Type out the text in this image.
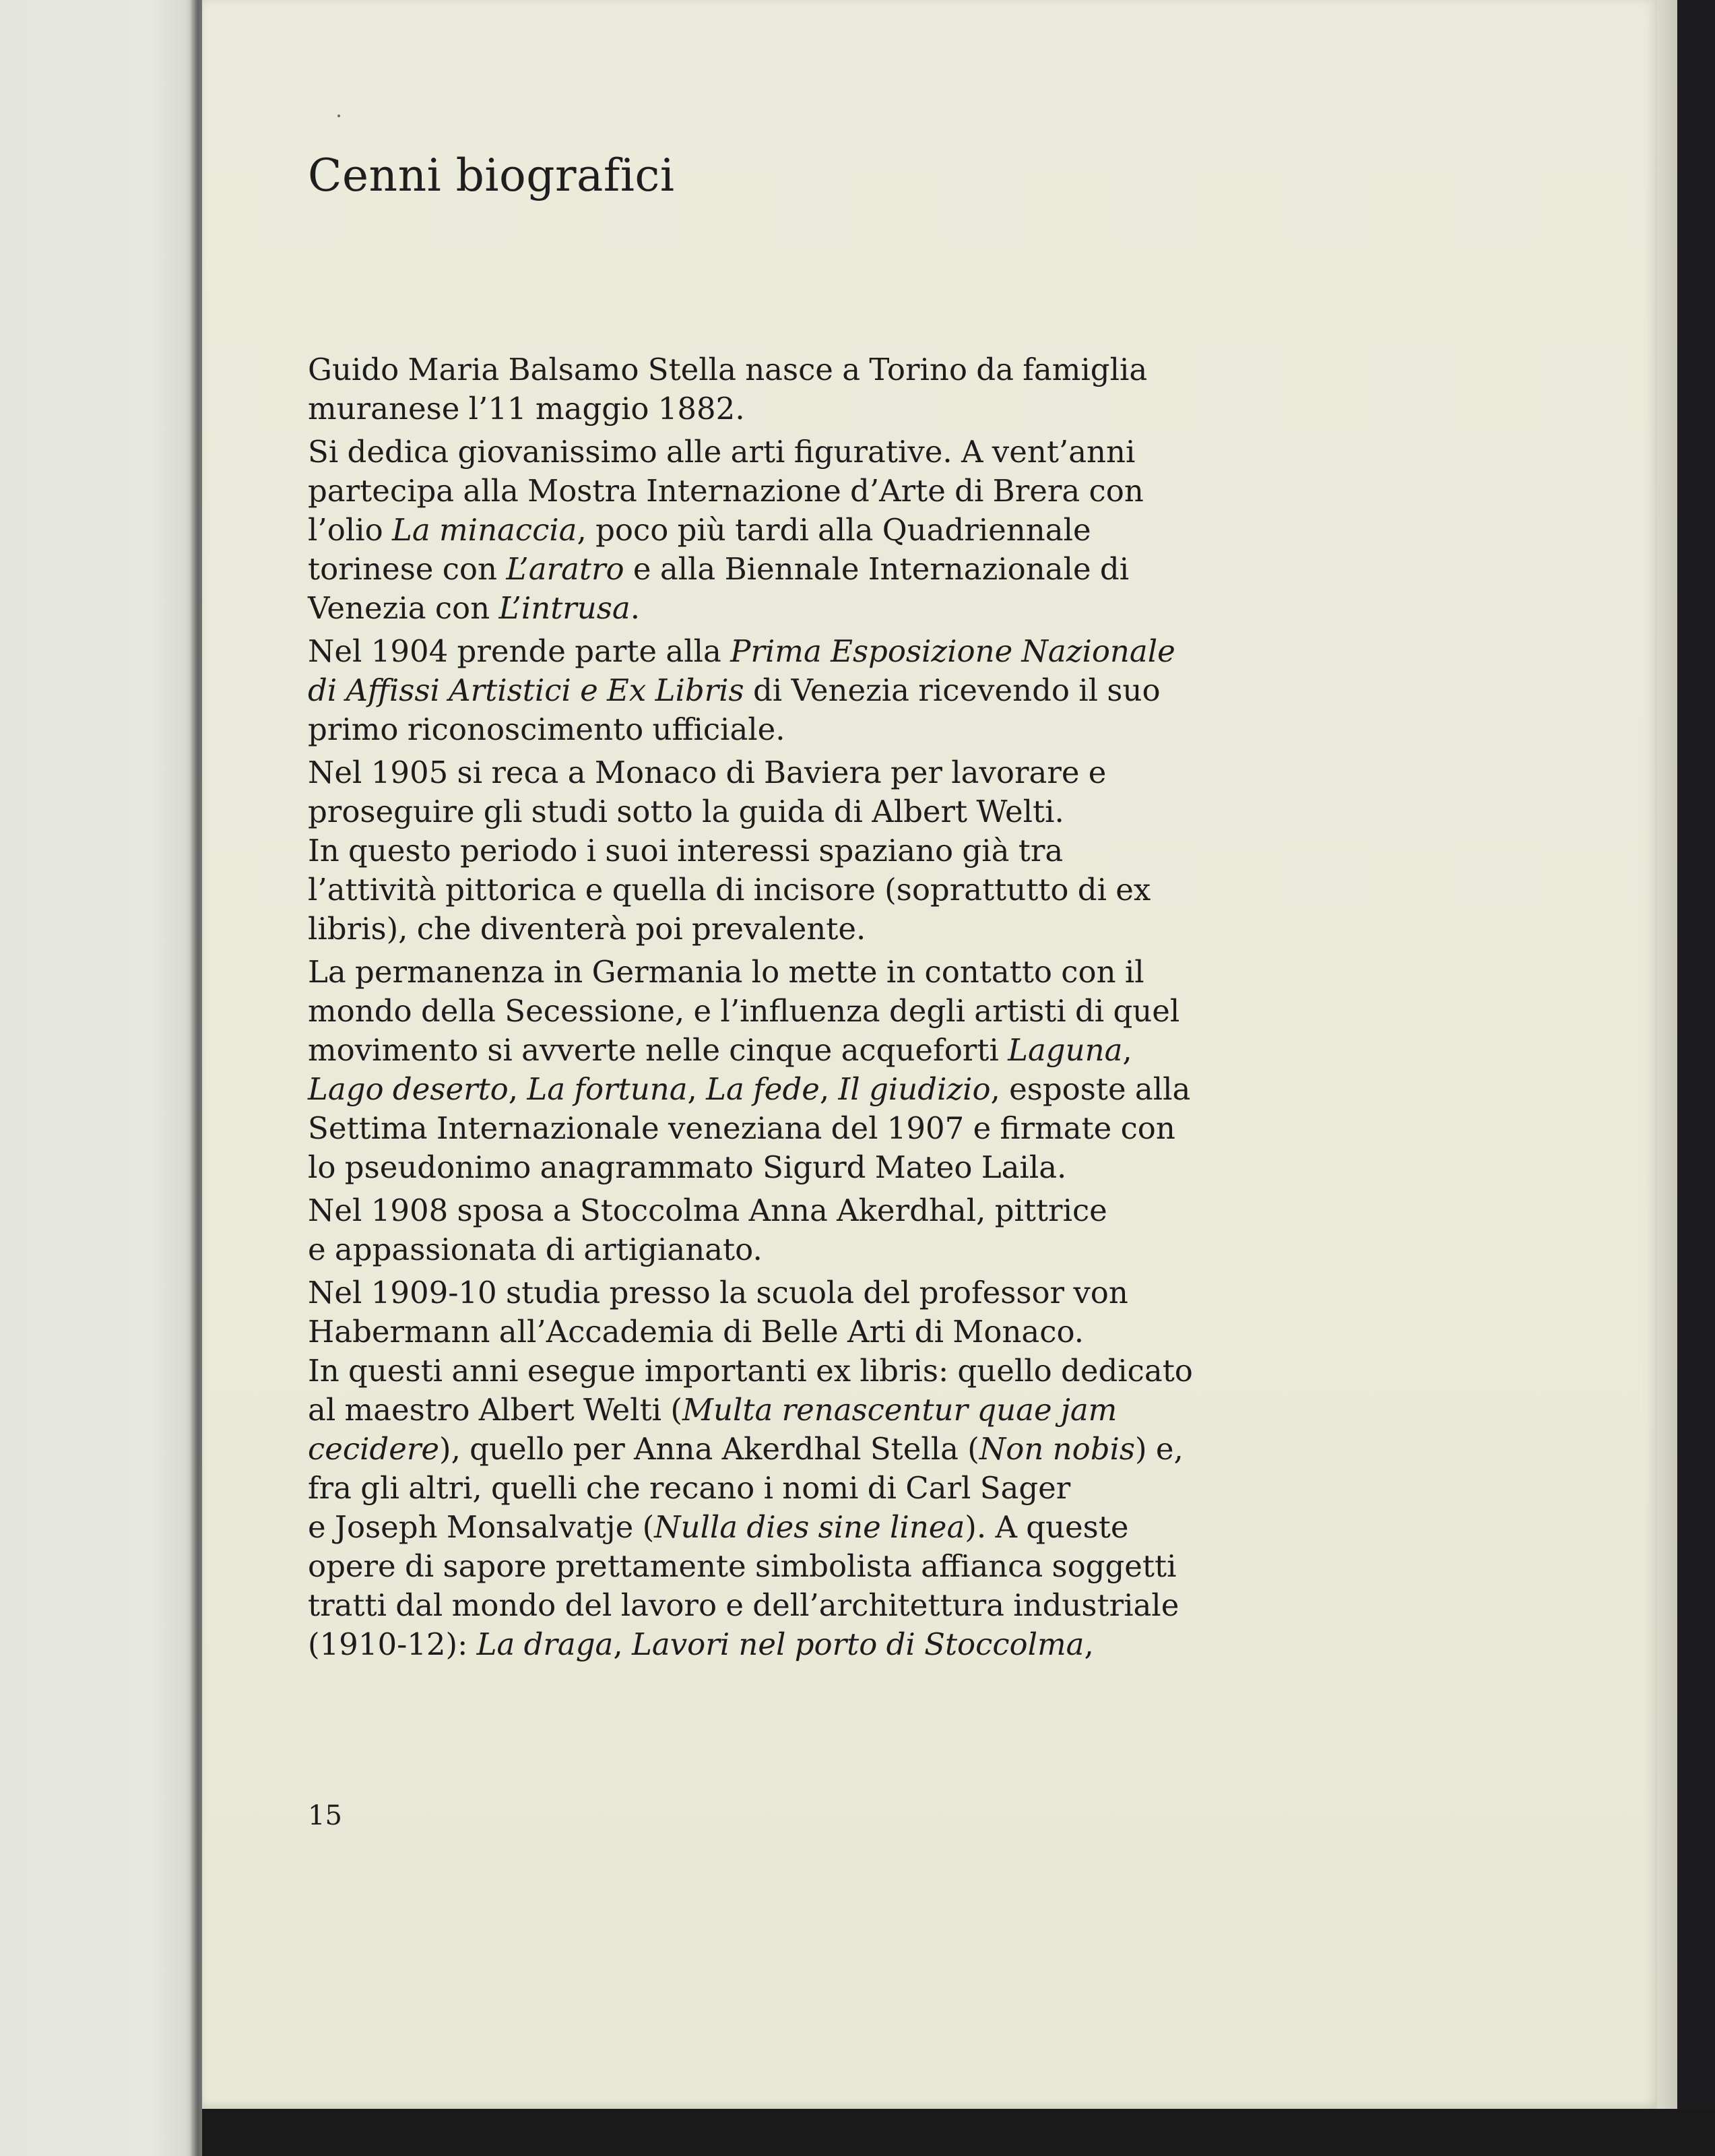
Cenni biografici

Guido Maria Balsamo Stella nasce a Torino da famiglia
muranese l’11 maggio 1882.

Si dedica giovanissimo alle arti figurative. A vent’anni
partecipa alla Mostra Internazione d’Arte di Brera con
l’olio La minaccia, poco più tardi alla Quadriennale
torinese con L’aratro e alla Biennale Internazionale di
Venezia con L’intrusa.

Nel 1904 prende parte alla Prima Esposizione Nazionale
di Affissi Artistici e Ex Libris di Venezia ricevendo il suo
primo riconoscimento ufficiale.

Nel 1905 si reca a Monaco di Baviera per lavorare e
proseguire gli studi sotto la guida di Albert Welti.
In questo periodo i suoi interessi spaziano già tra
l’attività pittorica e quella di incisore (soprattutto di ex
libris), che diventerà poi prevalente.

La permanenza in Germania lo mette in contatto con il
mondo della Secessione, e l’influenza degli artisti di quel
movimento si avverte nelle cinque acqueforti Laguna,
Lago deserto, La fortuna, La fede, Il giudizio, esposte alla
Settima Internazionale veneziana del 1907 e firmate con
lo pseudonimo anagrammato Sigurd Mateo Laila.

Nel 1908 sposa a Stoccolma Anna Akerdhal, pittrice
e appassionata di artigianato.

Nel 1909-10 studia presso la scuola del professor von
Habermann all’Accademia di Belle Arti di Monaco.
In questi anni esegue importanti ex libris: quello dedicato
al maestro Albert Welti (Multa renascentur quae jam
cecidere), quello per Anna Akerdhal Stella (Non nobis) e,
fra gli altri, quelli che recano i nomi di Carl Sager
e Joseph Monsalvatje (Nulla dies sine linea). A queste
opere di sapore prettamente simbolista affianca soggetti
tratti dal mondo del lavoro e dell’architettura industriale
(1910-12): La draga, Lavori nel porto di Stoccolma,

15
